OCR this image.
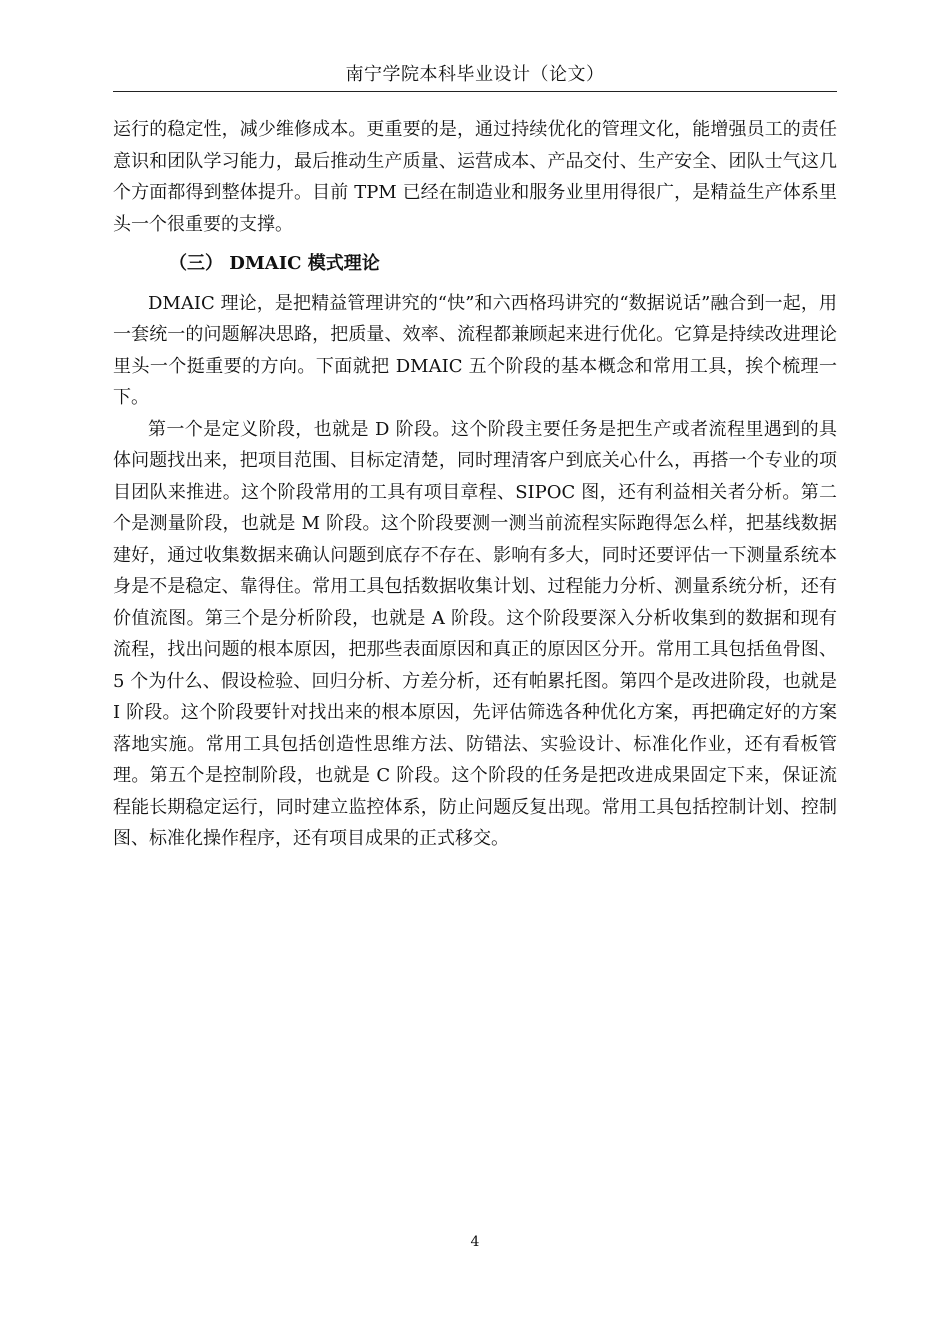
南宁学院本科毕业设计（论文）

运行的稳定性，减少维修成本。更重要的是，通过持续优化的管理文化，能增强员工的责任意识和团队学习能力，最后推动生产质量、运营成本、产品交付、生产安全、团队士气这几个方面都得到整体提升。目前 TPM 已经在制造业和服务业里用得很广，是精益生产体系里头一个很重要的支撑。

（三） DMAIC 模式理论

DMAIC 理论，是把精益管理讲究的“快”和六西格玛讲究的“数据说话”融合到一起，用一套统一的问题解决思路，把质量、效率、流程都兼顾起来进行优化。它算是持续改进理论里头一个挺重要的方向。下面就把 DMAIC 五个阶段的基本概念和常用工具，挨个梳理一下。

第一个是定义阶段，也就是 D 阶段。这个阶段主要任务是把生产或者流程里遇到的具体问题找出来，把项目范围、目标定清楚，同时理清客户到底关心什么，再搭一个专业的项目团队来推进。这个阶段常用的工具有项目章程、SIPOC 图，还有利益相关者分析。第二个是测量阶段，也就是 M 阶段。这个阶段要测一测当前流程实际跑得怎么样，把基线数据建好，通过收集数据来确认问题到底存不存在、影响有多大，同时还要评估一下测量系统本身是不是稳定、靠得住。常用工具包括数据收集计划、过程能力分析、测量系统分析，还有价值流图。第三个是分析阶段，也就是 A 阶段。这个阶段要深入分析收集到的数据和现有流程，找出问题的根本原因，把那些表面原因和真正的原因区分开。常用工具包括鱼骨图、5 个为什么、假设检验、回归分析、方差分析，还有帕累托图。第四个是改进阶段，也就是 I 阶段。这个阶段要针对找出来的根本原因，先评估筛选各种优化方案，再把确定好的方案落地实施。常用工具包括创造性思维方法、防错法、实验设计、标准化作业，还有看板管理。第五个是控制阶段，也就是 C 阶段。这个阶段的任务是把改进成果固定下来，保证流程能长期稳定运行，同时建立监控体系，防止问题反复出现。常用工具包括控制计划、控制图、标准化操作程序，还有项目成果的正式移交。

4
